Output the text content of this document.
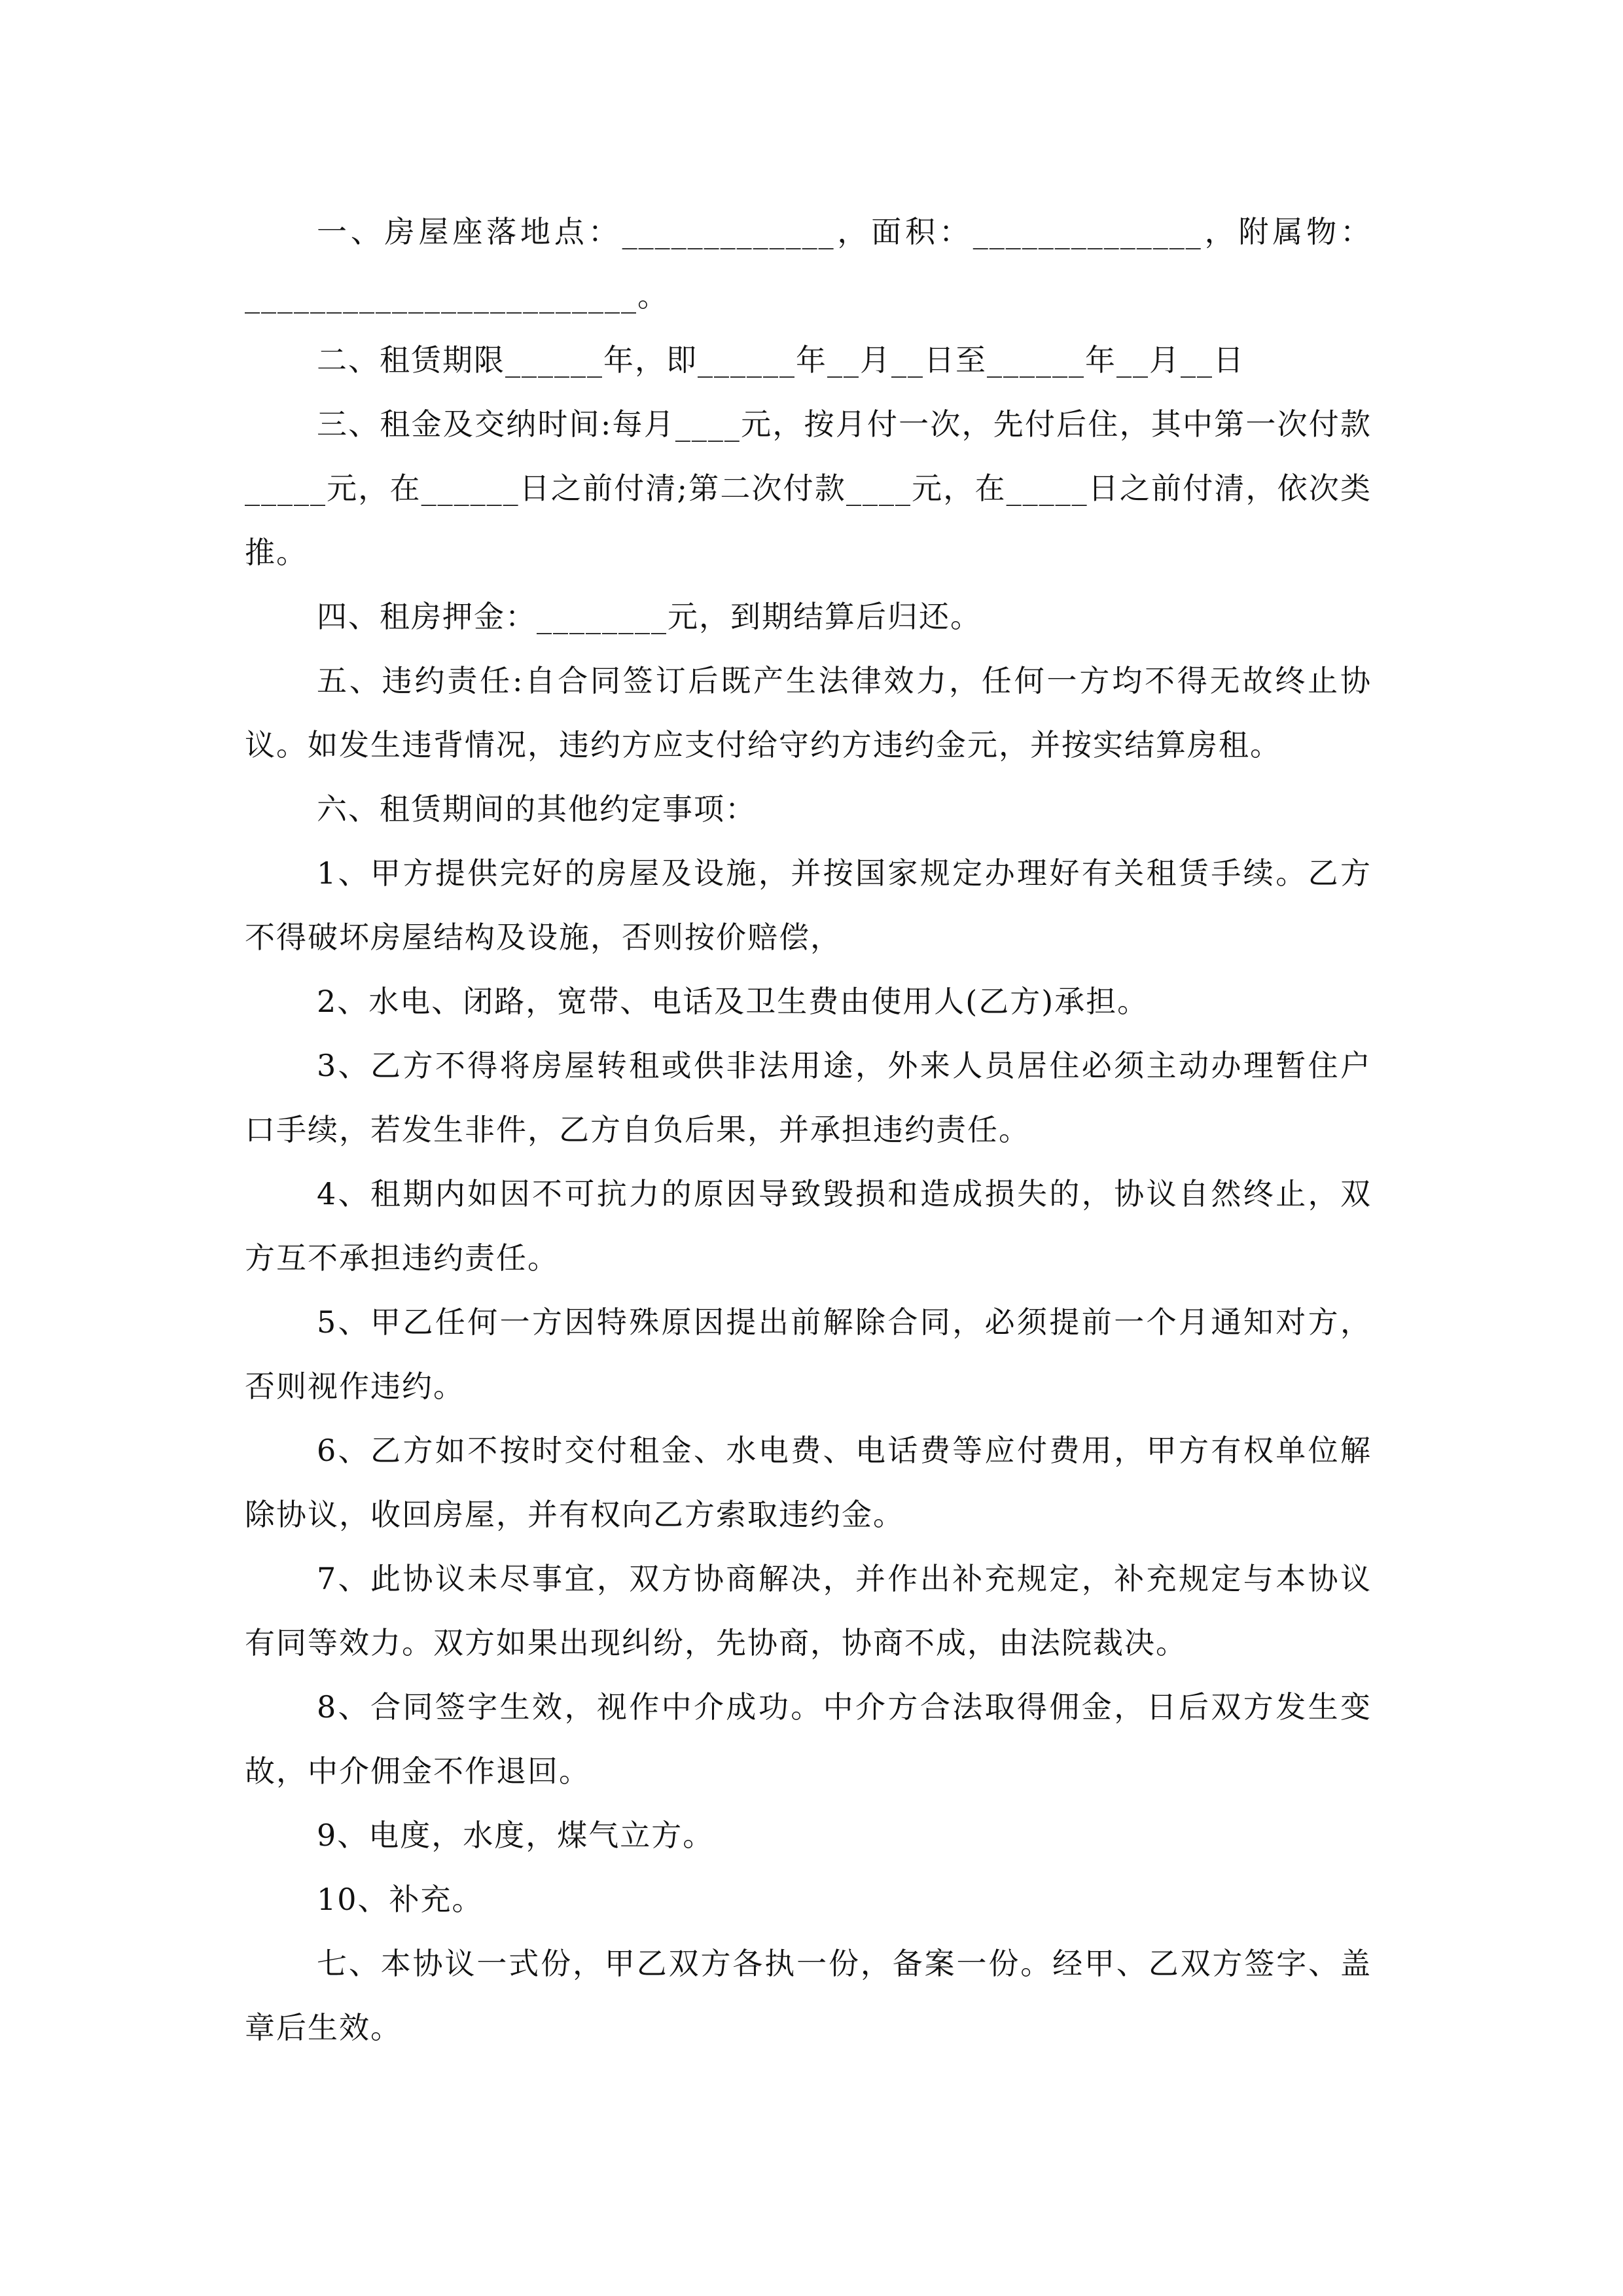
一、房屋座落地点：_____________，面积：______________，附属物：________________________。

二、租赁期限______年，即______年__月__日至______年__月__日

三、租金及交纳时间:每月____元，按月付一次，先付后住，其中第一次付款_____元，在______日之前付清;第二次付款____元，在_____日之前付清，依次类推。

四、租房押金：________元，到期结算后归还。

五、违约责任:自合同签订后既产生法律效力，任何一方均不得无故终止协议。如发生违背情况，违约方应支付给守约方违约金元，并按实结算房租。

六、租赁期间的其他约定事项：

1、甲方提供完好的房屋及设施，并按国家规定办理好有关租赁手续。乙方不得破坏房屋结构及设施，否则按价赔偿，

2、水电、闭路，宽带、电话及卫生费由使用人(乙方)承担。

3、乙方不得将房屋转租或供非法用途，外来人员居住必须主动办理暂住户口手续，若发生非件，乙方自负后果，并承担违约责任。

4、租期内如因不可抗力的原因导致毁损和造成损失的，协议自然终止，双方互不承担违约责任。

5、甲乙任何一方因特殊原因提出前解除合同，必须提前一个月通知对方，否则视作违约。

6、乙方如不按时交付租金、水电费、电话费等应付费用，甲方有权单位解除协议，收回房屋，并有权向乙方索取违约金。

7、此协议未尽事宜，双方协商解决，并作出补充规定，补充规定与本协议有同等效力。双方如果出现纠纷，先协商，协商不成，由法院裁决。

8、合同签字生效，视作中介成功。中介方合法取得佣金，日后双方发生变故，中介佣金不作退回。

9、电度，水度，煤气立方。

10、补充。

七、本协议一式份，甲乙双方各执一份，备案一份。经甲、乙双方签字、盖章后生效。
